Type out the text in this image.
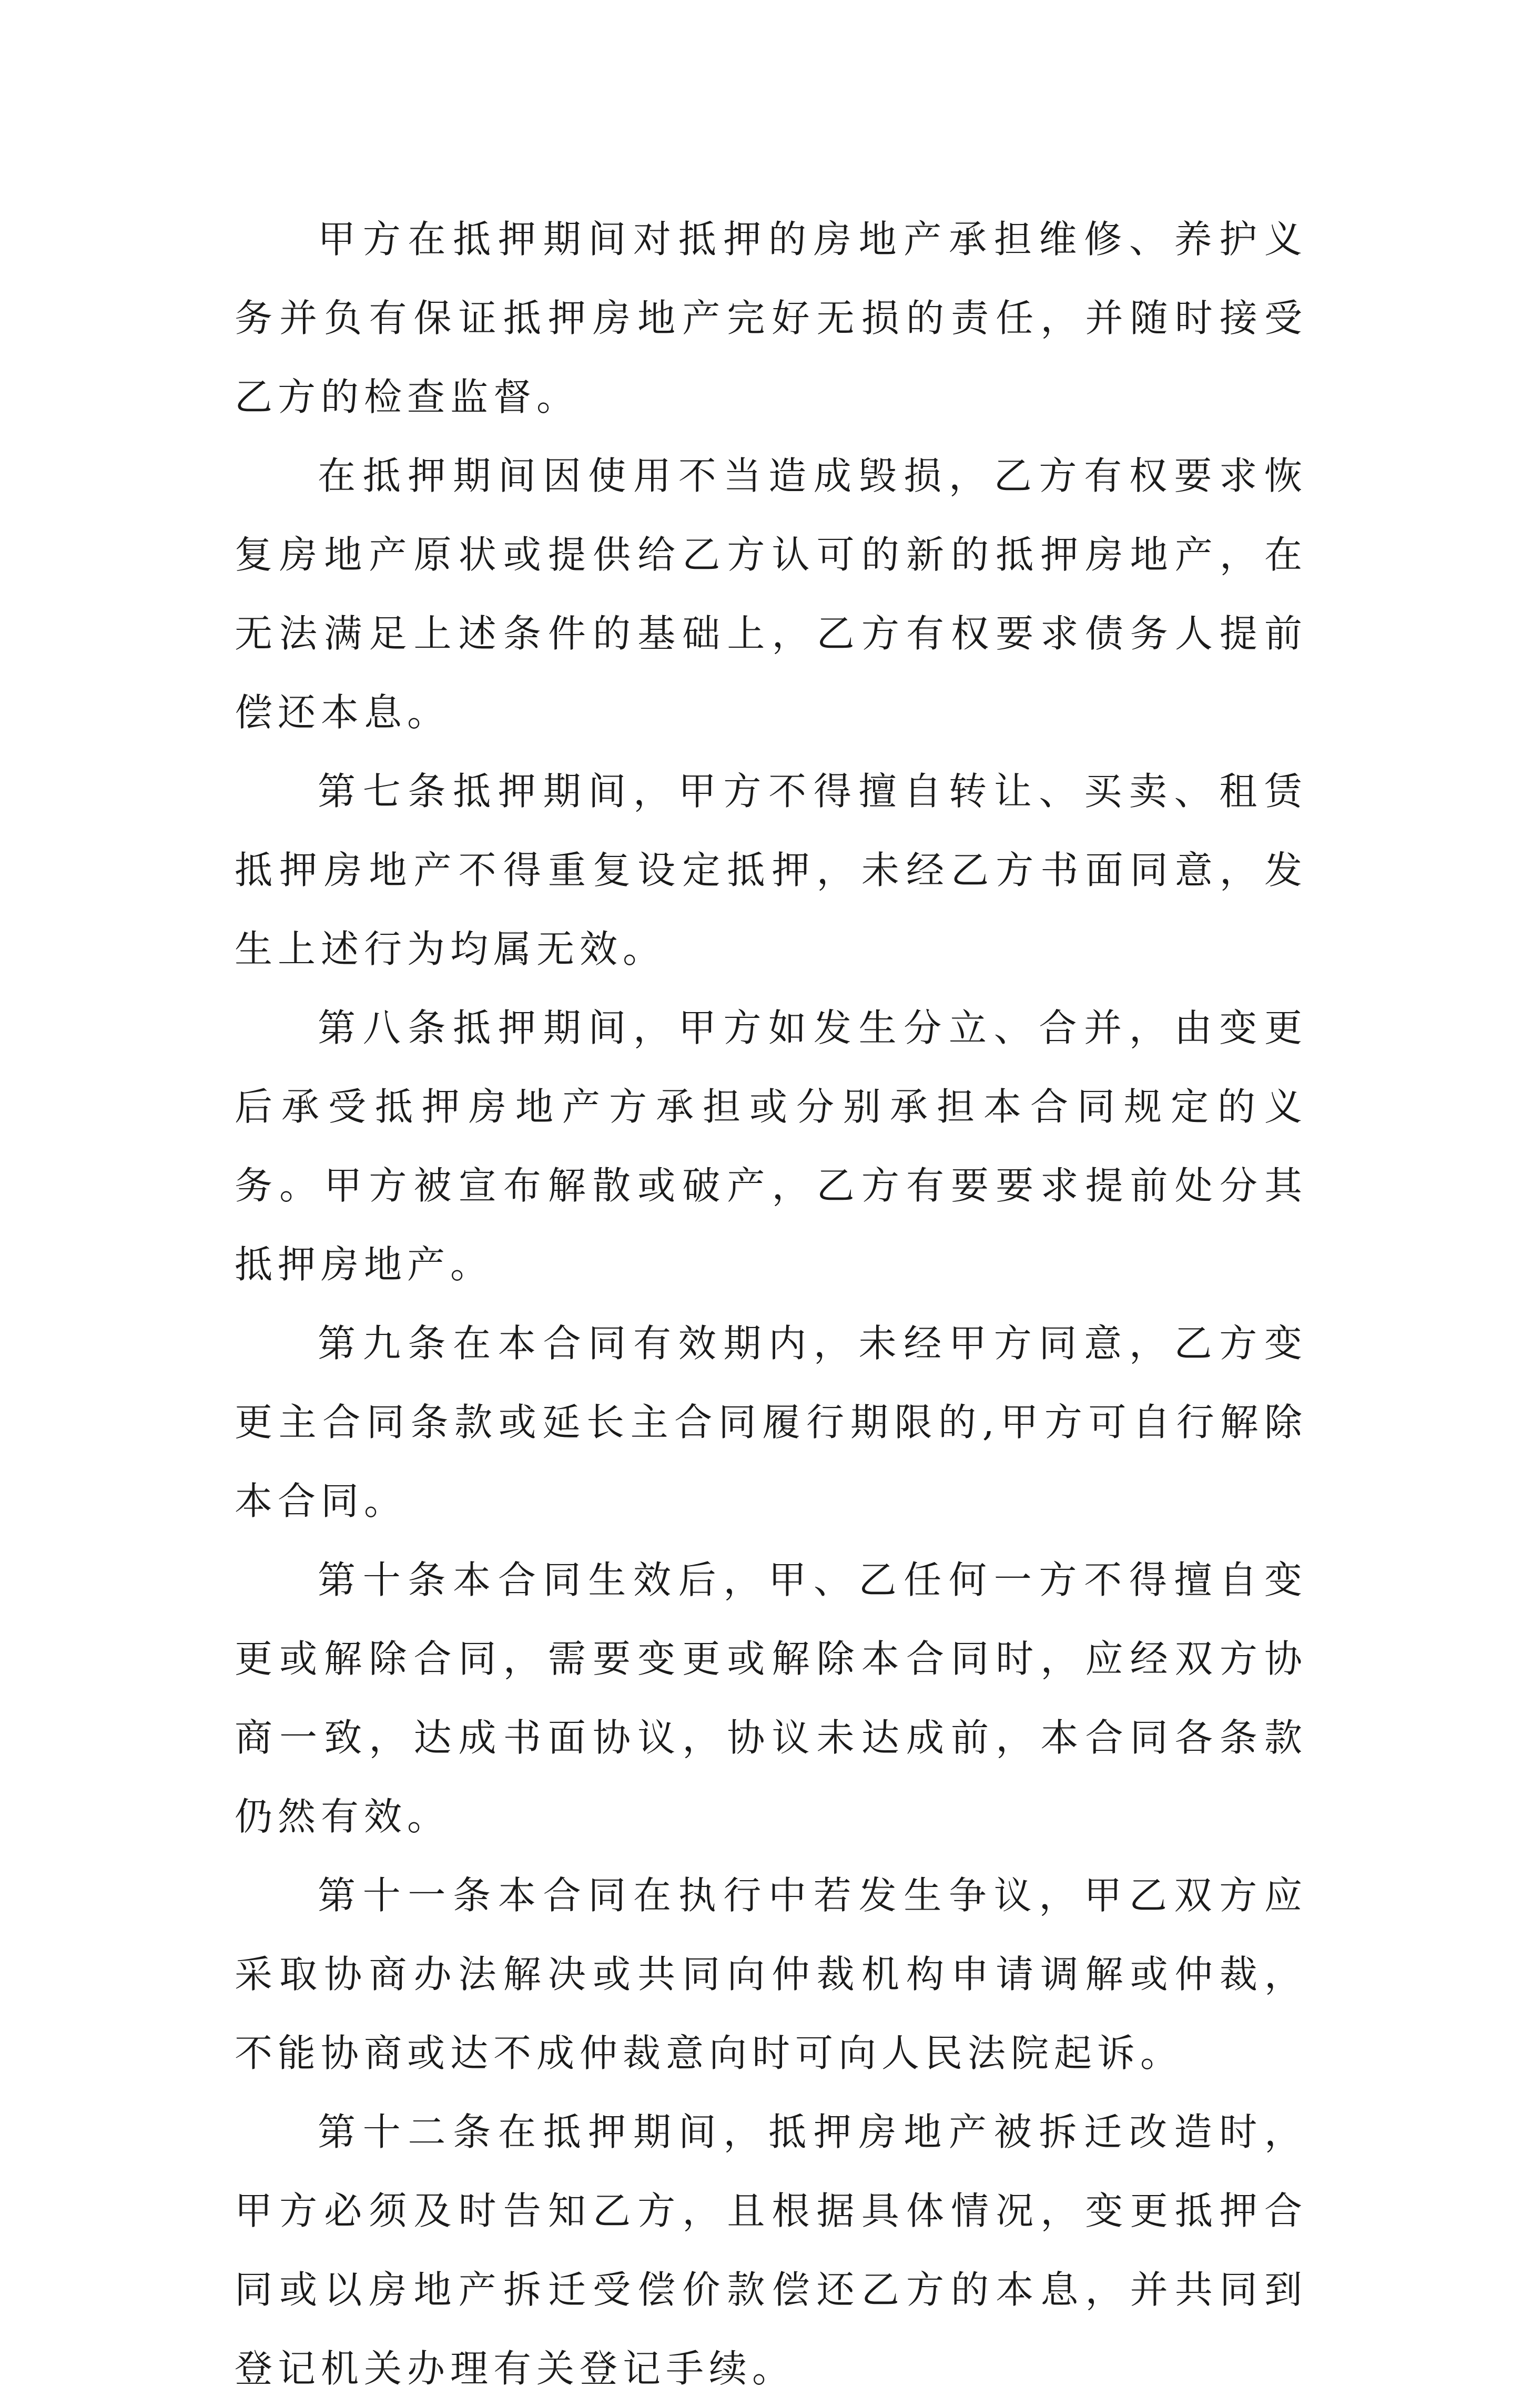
甲方在抵押期间对抵押的房地产承担维修、养护义务并负有保证抵押房地产完好无损的责任，并随时接受乙方的检查监督。

在抵押期间因使用不当造成毁损，乙方有权要求恢复房地产原状或提供给乙方认可的新的抵押房地产，在无法满足上述条件的基础上，乙方有权要求债务人提前偿还本息。

第七条抵押期间，甲方不得擅自转让、买卖、租赁抵押房地产不得重复设定抵押，未经乙方书面同意，发生上述行为均属无效。

第八条抵押期间，甲方如发生分立、合并，由变更后承受抵押房地产方承担或分别承担本合同规定的义务。甲方被宣布解散或破产，乙方有要要求提前处分其抵押房地产。

第九条在本合同有效期内，未经甲方同意，乙方变更主合同条款或延长主合同履行期限的,甲方可自行解除本合同。

第十条本合同生效后，甲、乙任何一方不得擅自变更或解除合同，需要变更或解除本合同时，应经双方协商一致，达成书面协议，协议未达成前，本合同各条款仍然有效。

第十一条本合同在执行中若发生争议，甲乙双方应采取协商办法解决或共同向仲裁机构申请调解或仲裁，不能协商或达不成仲裁意向时可向人民法院起诉。

第十二条在抵押期间，抵押房地产被拆迁改造时，甲方必须及时告知乙方，且根据具体情况，变更抵押合同或以房地产拆迁受偿价款偿还乙方的本息，并共同到登记机关办理有关登记手续。
